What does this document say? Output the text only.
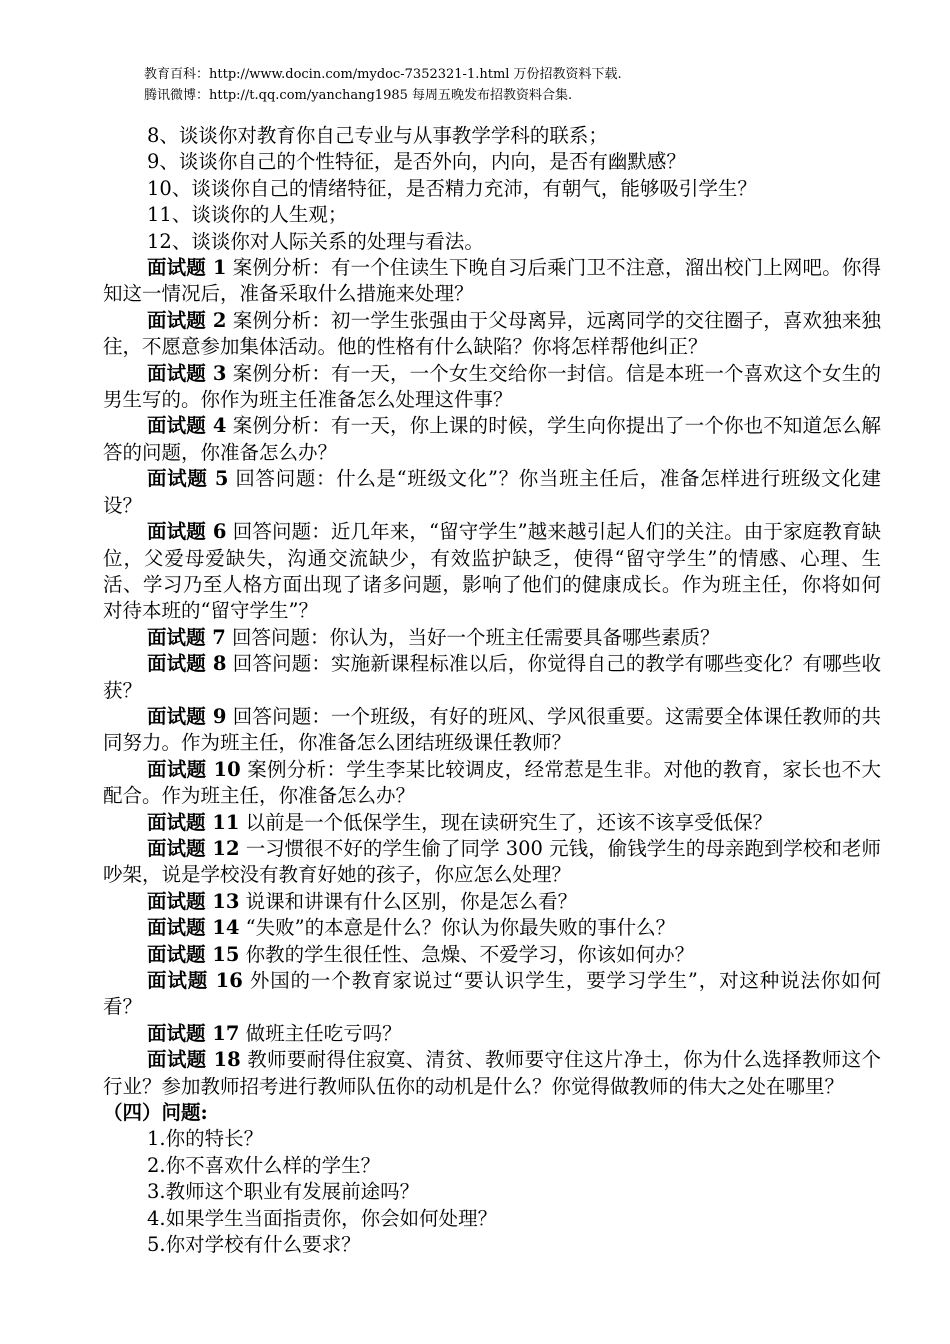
教育百科：http://www.docin.com/mydoc-7352321-1.html 万份招教资料下载.
腾讯微博：http://t.qq.com/yanchang1985 每周五晚发布招教资料合集.

8、谈谈你对教育你自己专业与从事教学学科的联系；

9、谈谈你自己的个性特征，是否外向，内向，是否有幽默感？

10、谈谈你自己的情绪特征，是否精力充沛，有朝气，能够吸引学生？

11、谈谈你的人生观；

12、谈谈你对人际关系的处理与看法。

面试题 1 案例分析：有一个住读生下晚自习后乘门卫不注意，溜出校门上网吧。你得知这一情况后，准备采取什么措施来处理？

面试题 2 案例分析：初一学生张强由于父母离异，远离同学的交往圈子，喜欢独来独往，不愿意参加集体活动。他的性格有什么缺陷？你将怎样帮他纠正？

面试题 3 案例分析：有一天，一个女生交给你一封信。信是本班一个喜欢这个女生的男生写的。你作为班主任准备怎么处理这件事？

面试题 4 案例分析：有一天，你上课的时候，学生向你提出了一个你也不知道怎么解答的问题，你准备怎么办？

面试题 5 回答问题：什么是“班级文化”？你当班主任后，准备怎样进行班级文化建设？

面试题 6 回答问题：近几年来，“留守学生”越来越引起人们的关注。由于家庭教育缺位，父爱母爱缺失，沟通交流缺少，有效监护缺乏，使得“留守学生”的情感、心理、生活、学习乃至人格方面出现了诸多问题，影响了他们的健康成长。作为班主任，你将如何对待本班的“留守学生”？

面试题 7 回答问题：你认为，当好一个班主任需要具备哪些素质？

面试题 8 回答问题：实施新课程标准以后，你觉得自己的教学有哪些变化？有哪些收获？

面试题 9 回答问题：一个班级，有好的班风、学风很重要。这需要全体课任教师的共同努力。作为班主任，你准备怎么团结班级课任教师？

面试题 10 案例分析：学生李某比较调皮，经常惹是生非。对他的教育，家长也不大配合。作为班主任，你准备怎么办？

面试题 11 以前是一个低保学生，现在读研究生了，还该不该享受低保？

面试题 12 一习惯很不好的学生偷了同学 300 元钱，偷钱学生的母亲跑到学校和老师吵架，说是学校没有教育好她的孩子，你应怎么处理？

面试题 13 说课和讲课有什么区别，你是怎么看？

面试题 14 “失败”的本意是什么？你认为你最失败的事什么？

面试题 15 你教的学生很任性、急燥、不爱学习，你该如何办？

面试题 16 外国的一个教育家说过“要认识学生，要学习学生”，对这种说法你如何看？

面试题 17 做班主任吃亏吗？

面试题 18 教师要耐得住寂寞、清贫、教师要守住这片净土，你为什么选择教师这个行业？参加教师招考进行教师队伍你的动机是什么？你觉得做教师的伟大之处在哪里？

（四）问题:

1.你的特长？

2.你不喜欢什么样的学生？

3.教师这个职业有发展前途吗？

4.如果学生当面指责你，你会如何处理？

5.你对学校有什么要求？
